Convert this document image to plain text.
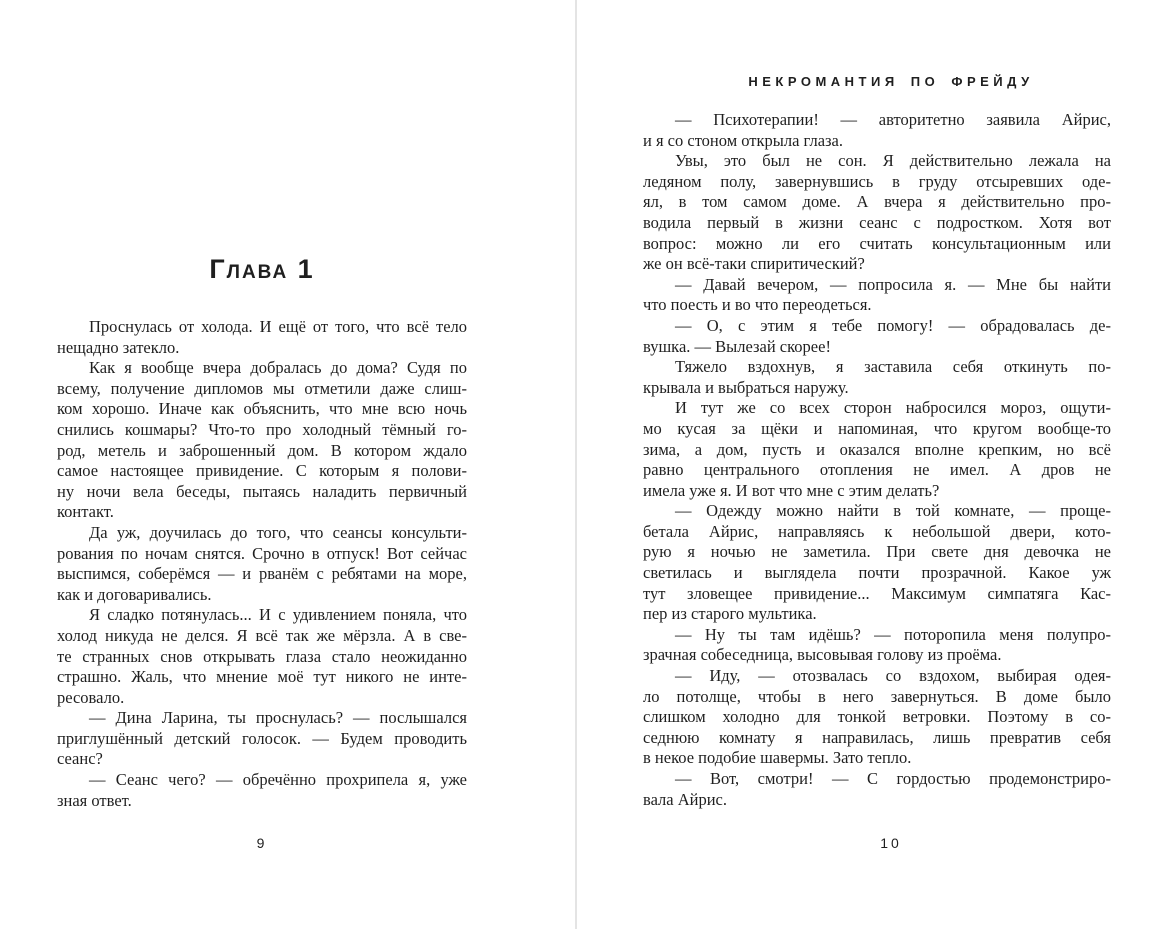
Глава 1
Проснулась от холода. И ещё от того, что всё тело
нещадно затекло.
Как я вообще вчера добралась до дома? Судя по
всему, получение дипломов мы отметили даже слиш-
ком хорошо. Иначе как объяснить, что мне всю ночь
снились кошмары? Что-то про холодный тёмный го-
род, метель и заброшенный дом. В котором ждало
самое настоящее привидение. С которым я полови-
ну ночи вела беседы, пытаясь наладить первичный
контакт.
Да уж, доучилась до того, что сеансы консульти-
рования по ночам снятся. Срочно в отпуск! Вот сейчас
выспимся, соберёмся — и рванём с ребятами на море,
как и договаривались.
Я сладко потянулась... И с удивлением поняла, что
холод никуда не делся. Я всё так же мёрзла. А в све-
те странных снов открывать глаза стало неожиданно
страшно. Жаль, что мнение моё тут никого не инте-
ресовало.
— Дина Ларина, ты проснулась? — послышался
приглушённый детский голосок. — Будем проводить
сеанс?
— Сеанс чего? — обречённо прохрипела я, уже
зная ответ.
9
НЕКРОМАНТИЯ ПО ФРЕЙДУ
— Психотерапии! — авторитетно заявила Айрис,
и я со стоном открыла глаза.
Увы, это был не сон. Я действительно лежала на
ледяном полу, завернувшись в груду отсыревших оде-
ял, в том самом доме. А вчера я действительно про-
водила первый в жизни сеанс с подростком. Хотя вот
вопрос: можно ли его считать консультационным или
же он всё-таки спиритический?
— Давай вечером, — попросила я. — Мне бы найти
что поесть и во что переодеться.
— О, с этим я тебе помогу! — обрадовалась де-
вушка. — Вылезай скорее!
Тяжело вздохнув, я заставила себя откинуть по-
крывала и выбраться наружу.
И тут же со всех сторон набросился мороз, ощути-
мо кусая за щёки и напоминая, что кругом вообще-то
зима, а дом, пусть и оказался вполне крепким, но всё
равно центрального отопления не имел. А дров не
имела уже я. И вот что мне с этим делать?
— Одежду можно найти в той комнате, — проще-
бетала Айрис, направляясь к небольшой двери, кото-
рую я ночью не заметила. При свете дня девочка не
светилась и выглядела почти прозрачной. Какое уж
тут зловещее привидение... Максимум симпатяга Кас-
пер из старого мультика.
— Ну ты там идёшь? — поторопила меня полупро-
зрачная собеседница, высовывая голову из проёма.
— Иду, — отозвалась со вздохом, выбирая одея-
ло потолще, чтобы в него завернуться. В доме было
слишком холодно для тонкой ветровки. Поэтому в со-
седнюю комнату я направилась, лишь превратив себя
в некое подобие шавермы. Зато тепло.
— Вот, смотри! — С гордостью продемонстриро-
вала Айрис.
10
